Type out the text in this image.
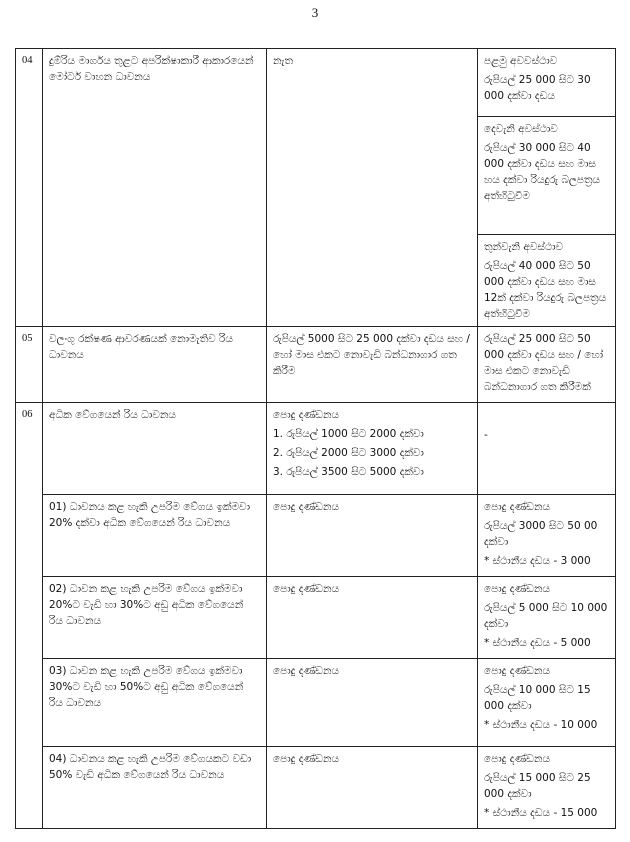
3
04	දුම්රිය මාර්ගය තුළට අපරික්ෂාකාරී ආකාරයෙන් මෝටර් වාහන ධාවනය	නැත	පළමු අවවස්ථාව
රුපියල් 25 000 සිට 30 000 දක්වා දඩය

			දෙවැනි අවස්ථාව
රුපියල් 30 000 සිට 40 000 දක්වා දඩය සහ මාස හය දක්වා රියදුරු බලපත්‍රය අත්හිටුවීම

			තුන්වැනි අවස්ථාව
රුපියල් 40 000 සිට 50 000 දක්වා දඩය සහ මාස 12ක් දක්වා රියදුරු බලපත්‍රය අත්හිටුවීම

05	වලංගු රක්ෂණ ආවරණයක් නොමැතිව රිය ධාවනය	රුපියල් 5000 සිට 25 000 දක්වා දඩය සහ / හෝ මාස එකට නොවැඩි බන්ධනාගාර ගත කිරීම	රුපියල් 25 000 සිට 50 000 දක්වා දඩය සහ / හෝ මාස එකට නොවැඩි බන්ධනාගාර ගත කිරීමක්
06	අධික වේගයෙන් රිය ධාවනය	පොදු දණ්ඩනය
1. රුපියල් 1000 සිට 2000 දක්වා
2. රුපියල් 2000 සිට 3000 දක්වා
3. රුපියල් 3500 සිට 5000 දක්වා	-
	01) ධාවනය කළ හැකි උපරිම වේගය ඉක්මවා 20% දක්වා අධික වේගයෙන් රිය ධාවනය	පොදු දණ්ඩනය	පොදු දණ්ඩනය
රුපියල් 3000 සිට 50 00 දක්වා
* ස්ථානීය දඩය - 3 000

	02) ධාවන කළ හැකි උපරිම වේගය ඉක්මවා 20%ට වැඩි හා 30%ට අඩු අධික වේගයෙන් රිය ධාවනය	පොදු දණ්ඩනය	පොදු දණ්ඩනය
රුපියල් 5 000 සිට 10 000 දක්වා
* ස්ථානීය දඩය - 5 000

	03) ධාවන කළ හැකි උපරිම වේගය ඉක්මවා 30%ට වැඩි හා 50%ට අඩු අධික වේගයෙන් රිය ධාවනය	පොදු දණ්ඩනය	පොදු දණ්ඩනය
රුපියල් 10 000 සිට 15 000 දක්වා
* ස්ථානීය දඩය - 10 000

	04) ධාවනය කළ හැකි උපරිම වේගයකට වඩා 50% වැඩි අධික වේගයෙන් රිය ධාවනය	පොදු දණ්ඩනය	පොදු දණ්ඩනය
රුපියල් 15 000 සිට 25 000 දක්වා
* ස්ථානීය දඩය - 15 000
